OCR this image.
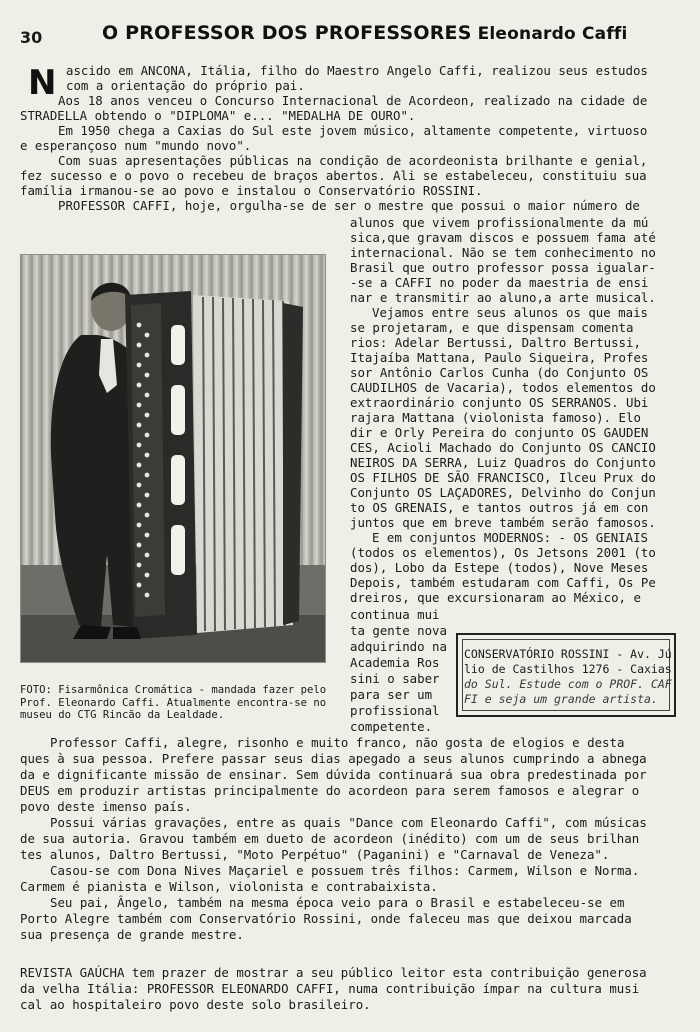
30	O PROFESSOR DOS PROFESSORES Eleonardo Caffi
N ascido em ANCONA, Itália, filho do Maestro Angelo Caffi, realizou seus estudos
com a orientação do próprio pai.
Aos 18 anos venceu o Concurso Internacional de Acordeon, realizado na cidade de
STRADELLA obtendo o "DIPLOMA" e... "MEDALHA DE OURO".
Em 1950 chega a Caxias do Sul este jovem músico, altamente competente, virtuoso
e esperançoso num "mundo novo".
Com suas apresentações públicas na condição de acordeonista brilhante e genial,
fez sucesso e o povo o recebeu de braços abertos. Ali se estabeleceu, constituiu sua
família irmanou-se ao povo e instalou o Conservatório ROSSINI.
PROFESSOR CAFFI, hoje, orgulha-se de ser o mestre que possui o maior número de
alunos que vivem profissionalmente da mú
sica,que gravam discos e possuem fama até
internacional. Não se tem conhecimento no
Brasil que outro professor possa igualar-
-se a CAFFI no poder da maestria de ensi
nar e transmitir ao aluno,a arte musical.
Vejamos entre seus alunos os que mais
se projetaram, e que dispensam comenta
rios: Adelar Bertussi, Daltro Bertussi,
Itajaíba Mattana, Paulo Siqueira, Profes
sor Antônio Carlos Cunha (do Conjunto OS
CAUDILHOS de Vacaria), todos elementos do
extraordinário conjunto OS SERRANOS. Ubi
rajara Mattana (violonista famoso). Elo
dir e Orly Pereira do conjunto OS GAUDEN
CES, Acioli Machado do Conjunto OS CANCIO
NEIROS DA SERRA, Luiz Quadros do Conjunto
OS FILHOS DE SÃO FRANCISCO, Ilceu Prux do
Conjunto OS LAÇADORES, Delvinho do Conjun
to OS GRENAIS, e tantos outros já em con
juntos que em breve também serão famosos.
E em conjuntos MODERNOS: - OS GENIAIS
(todos os elementos), Os Jetsons 2001 (to
dos), Lobo da Estepe (todos), Nove Meses
Depois, também estudaram com Caffi, Os Pe
dreiros, que excursionaram ao México, e
continua mui
ta gente nova
adquirindo na
Academia Ros
sini o saber
para ser um
profissional
competente.
CONSERVATÓRIO ROSSINI - Av. Jú
lio de Castilhos 1276 - Caxias
do Sul. Estude com o PROF. CAF
FI e seja um grande artista.
FOTO: Fisarmônica Cromática - mandada fazer pelo
Prof. Eleonardo Caffi. Atualmente encontra-se no
museu do CTG Rincão da Lealdade.
Professor Caffi, alegre, risonho e muito franco, não gosta de elogios e desta
ques à sua pessoa. Prefere passar seus dias apegado a seus alunos cumprindo a abnega
da e dignificante missão de ensinar. Sem dúvida continuará sua obra predestinada por
DEUS em produzir artistas principalmente do acordeon para serem famosos e alegrar o
povo deste imenso país.
Possui várias gravações, entre as quais "Dance com Eleonardo Caffi", com músicas
de sua autoria. Gravou também em dueto de acordeon (inédito) com um de seus brilhan
tes alunos, Daltro Bertussi, "Moto Perpétuo" (Paganini) e "Carnaval de Veneza".
Casou-se com Dona Nives Maçariel e possuem três filhos: Carmem, Wilson e Norma.
Carmem é pianista e Wilson, violonista e contrabaixista.
Seu pai, Ângelo, também na mesma época veio para o Brasil e estabeleceu-se em
Porto Alegre também com Conservatório Rossini, onde faleceu mas que deixou marcada
sua presença de grande mestre.
REVISTA GAÚCHA tem prazer de mostrar a seu público leitor esta contribuição generosa
da velha Itália: PROFESSOR ELEONARDO CAFFI, numa contribuição ímpar na cultura musi
cal ao hospitaleiro povo deste solo brasileiro.
